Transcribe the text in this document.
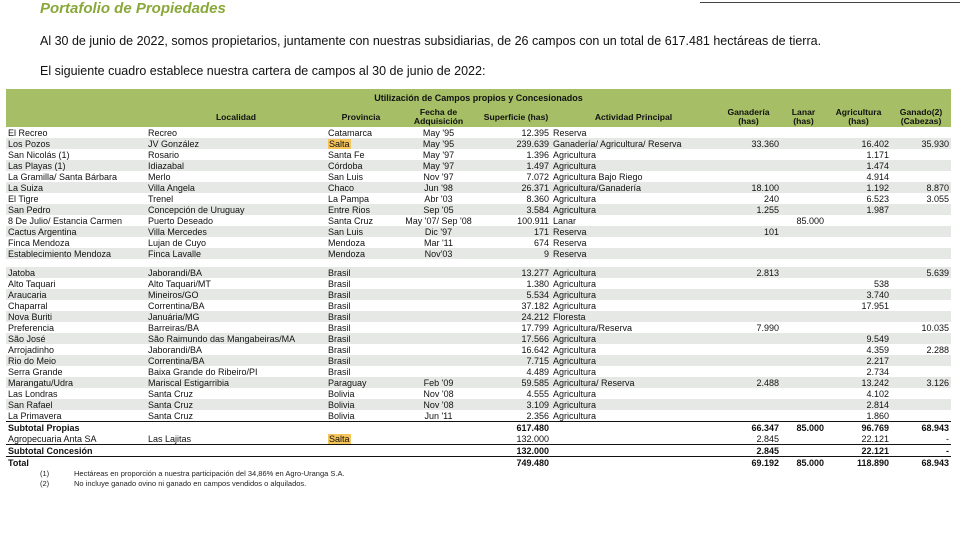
Portafolio de Propiedades
Al 30 de junio de 2022, somos propietarios, juntamente con nuestras subsidiarias, de 26 campos con un total de 617.481 hectáreas de tierra.
El siguiente cuadro establece nuestra cartera de campos al 30 de junio de 2022:
Utilización de Campos propios y Concesionados									
	Localidad	Provincia	Fecha de Adquisición	Superficie (has)	Actividad Principal	Ganadería (has)	Lanar (has)	Agricultura (has)	Ganado(2) (Cabezas)
El Recreo	Recreo	Catamarca	May '95	12.395	Reserva				
Los Pozos	JV González	Salta	May '95	239.639	Ganadería/ Agricultura/ Reserva	33.360		16.402	35.930
San Nicolás (1)	Rosario	Santa Fe	May '97	1.396	Agricultura			1.171	
Las Playas (1)	Idiazabal	Córdoba	May '97	1.497	Agricultura			1.474	
La Gramilla/ Santa Bárbara	Merlo	San Luis	Nov '97	7.072	Agricultura Bajo Riego			4.914	
La Suiza	Villa Angela	Chaco	Jun '98	26.371	Agricultura/Ganadería	18.100		1.192	8.870
El Tigre	Trenel	La Pampa	Abr '03	8.360	Agricultura	240		6.523	3.055
San Pedro	Concepción de Uruguay	Entre Rios	Sep '05	3.584	Agricultura	1.255		1.987	
8 De Julio/ Estancia Carmen	Puerto Deseado	Santa Cruz	May '07/ Sep '08	100.911	Lanar		85.000		
Cactus Argentina	Villa Mercedes	San Luis	Dic '97	171	Reserva	101			
Finca Mendoza	Lujan de Cuyo	Mendoza	Mar '11	674	Reserva				
Establecimiento Mendoza	Finca Lavalle	Mendoza	Nov'03	9	Reserva				

Jatoba	Jaborandi/BA	Brasil		13.277	Agricultura	2.813			5.639
Alto Taquari	Alto Taquari/MT	Brasil		1.380	Agricultura			538	
Araucaria	Mineiros/GO	Brasil		5.534	Agricultura			3.740	
Chaparral	Correntina/BA	Brasil		37.182	Agricultura			17.951	
Nova Buriti	Januária/MG	Brasil		24.212	Floresta				
Preferencia	Barreiras/BA	Brasil		17.799	Agricultura/Reserva	7.990			10.035
São José	São Raimundo das Mangabeiras/MA	Brasil		17.566	Agricultura			9.549	
Arrojadinho	Jaborandi/BA	Brasil		16.642	Agricultura			4.359	2.288
Rio do Meio	Correntina/BA	Brasil		7.715	Agricultura			2.217	
Serra Grande	Baixa Grande do Ribeiro/PI	Brasil		4.489	Agricultura			2.734	
Marangatu/Udra	Mariscal Estigarribia	Paraguay	Feb '09	59.585	Agricultura/ Reserva	2.488		13.242	3.126
Las Londras	Santa Cruz	Bolivia	Nov '08	4.555	Agricultura			4.102	
San Rafael	Santa Cruz	Bolivia	Nov '08	3.109	Agricultura			2.814	
La Primavera	Santa Cruz	Bolivia	Jun '11	2.356	Agricultura			1.860	
Subtotal Propias				617.480		66.347	85.000	96.769	68.943
Agropecuaria Anta SA	Las Lajitas	Salta		132.000		2.845		22.121	-
Subtotal Concesión				132.000		2.845		22.121	-
Total				749.480		69.192	85.000	118.890	68.943
(1)	Hectáreas en proporción a nuestra participación del 34,86% en Agro-Uranga S.A.
(2)	No incluye ganado ovino ni ganado en campos vendidos o alquilados.
